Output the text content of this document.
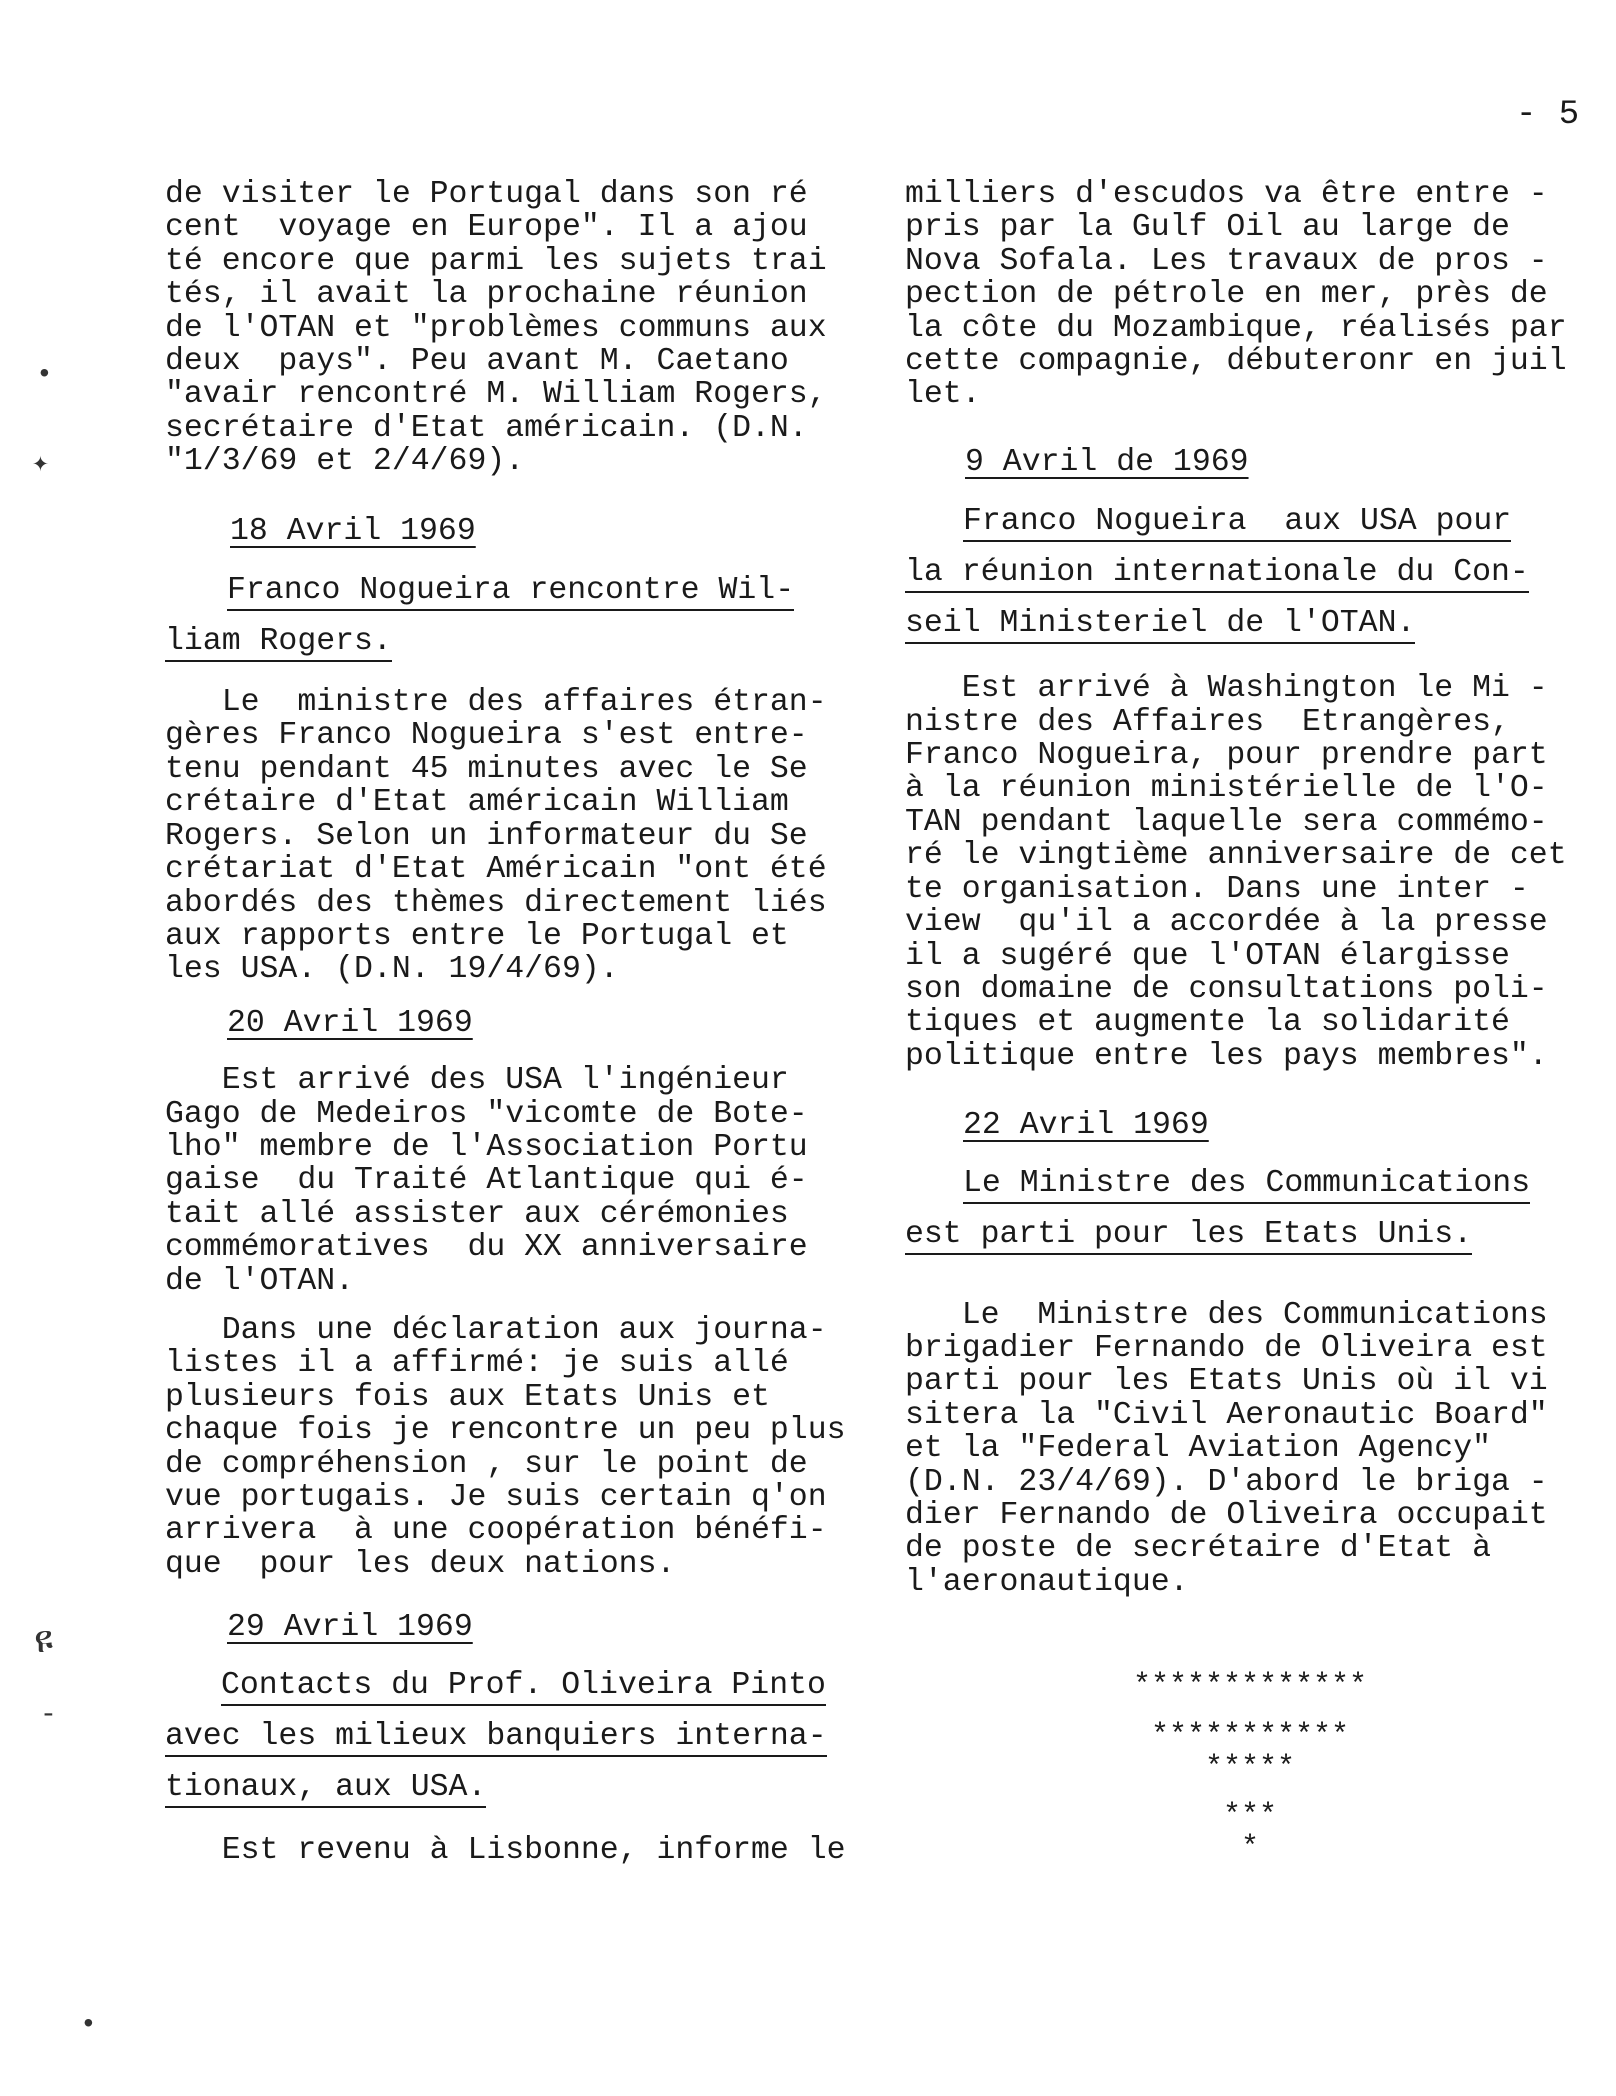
- 5

de visiter le Portugal dans son ré
cent  voyage en Europe". Il a ajou
té encore que parmi les sujets trai
tés, il avait la prochaine réunion
de l'OTAN et "problèmes communs aux
deux  pays". Peu avant M. Caetano
"avair rencontré M. William Rogers,
secrétaire d'Etat américain. (D.N.
"1/3/69 et 2/4/69).

18 Avril 1969
Franco Nogueira rencontre Wil-
liam Rogers.

Le  ministre des affaires étran-
gères Franco Nogueira s'est entre-
tenu pendant 45 minutes avec le Se
crétaire d'Etat américain William
Rogers. Selon un informateur du Se
crétariat d'Etat Américain "ont été
abordés des thèmes directement liés
aux rapports entre le Portugal et
les USA. (D.N. 19/4/69).

20 Avril 1969

Est arrivé des USA l'ingénieur
Gago de Medeiros "vicomte de Bote-
lho" membre de l'Association Portu
gaise  du Traité Atlantique qui é-
tait allé assister aux cérémonies
commémoratives  du XX anniversaire
de l'OTAN.

Dans une déclaration aux journa-
listes il a affirmé: je suis allé
plusieurs fois aux Etats Unis et
chaque fois je rencontre un peu plus
de compréhension , sur le point de
vue portugais. Je suis certain q'on
arrivera  à une coopération bénéfi-
que  pour les deux nations.

29 Avril 1969
Contacts du Prof. Oliveira Pinto
avec les milieux banquiers interna-
tionaux, aux USA.

Est revenu à Lisbonne, informe le

milliers d'escudos va être entre -
pris par la Gulf Oil au large de
Nova Sofala. Les travaux de pros -
pection de pétrole en mer, près de
la côte du Mozambique, réalisés par
cette compagnie, débuteronr en juil
let.

9 Avril de 1969
Franco Nogueira  aux USA pour
la réunion internationale du Con-
seil Ministeriel de l'OTAN.

Est arrivé à Washington le Mi -
nistre des Affaires  Etrangères,
Franco Nogueira, pour prendre part
à la réunion ministérielle de l'O-
TAN pendant laquelle sera commémo-
ré le vingtième anniversaire de cet
te organisation. Dans une inter -
view  qu'il a accordée à la presse
il a sugéré que l'OTAN élargisse
son domaine de consultations poli-
tiques et augmente la solidarité
politique entre les pays membres".

22 Avril 1969
Le Ministre des Communications
est parti pour les Etats Unis.

Le  Ministre des Communications
brigadier Fernando de Oliveira est
parti pour les Etats Unis où il vi
sitera la "Civil Aeronautic Board"
et la "Federal Aviation Agency"
(D.N. 23/4/69). D'abord le briga -
dier Fernando de Oliveira occupait
de poste de secrétaire d'Etat à
l'aeronautique.

*************
***********
*****
***
*
•
✦
ዩ
-
•
